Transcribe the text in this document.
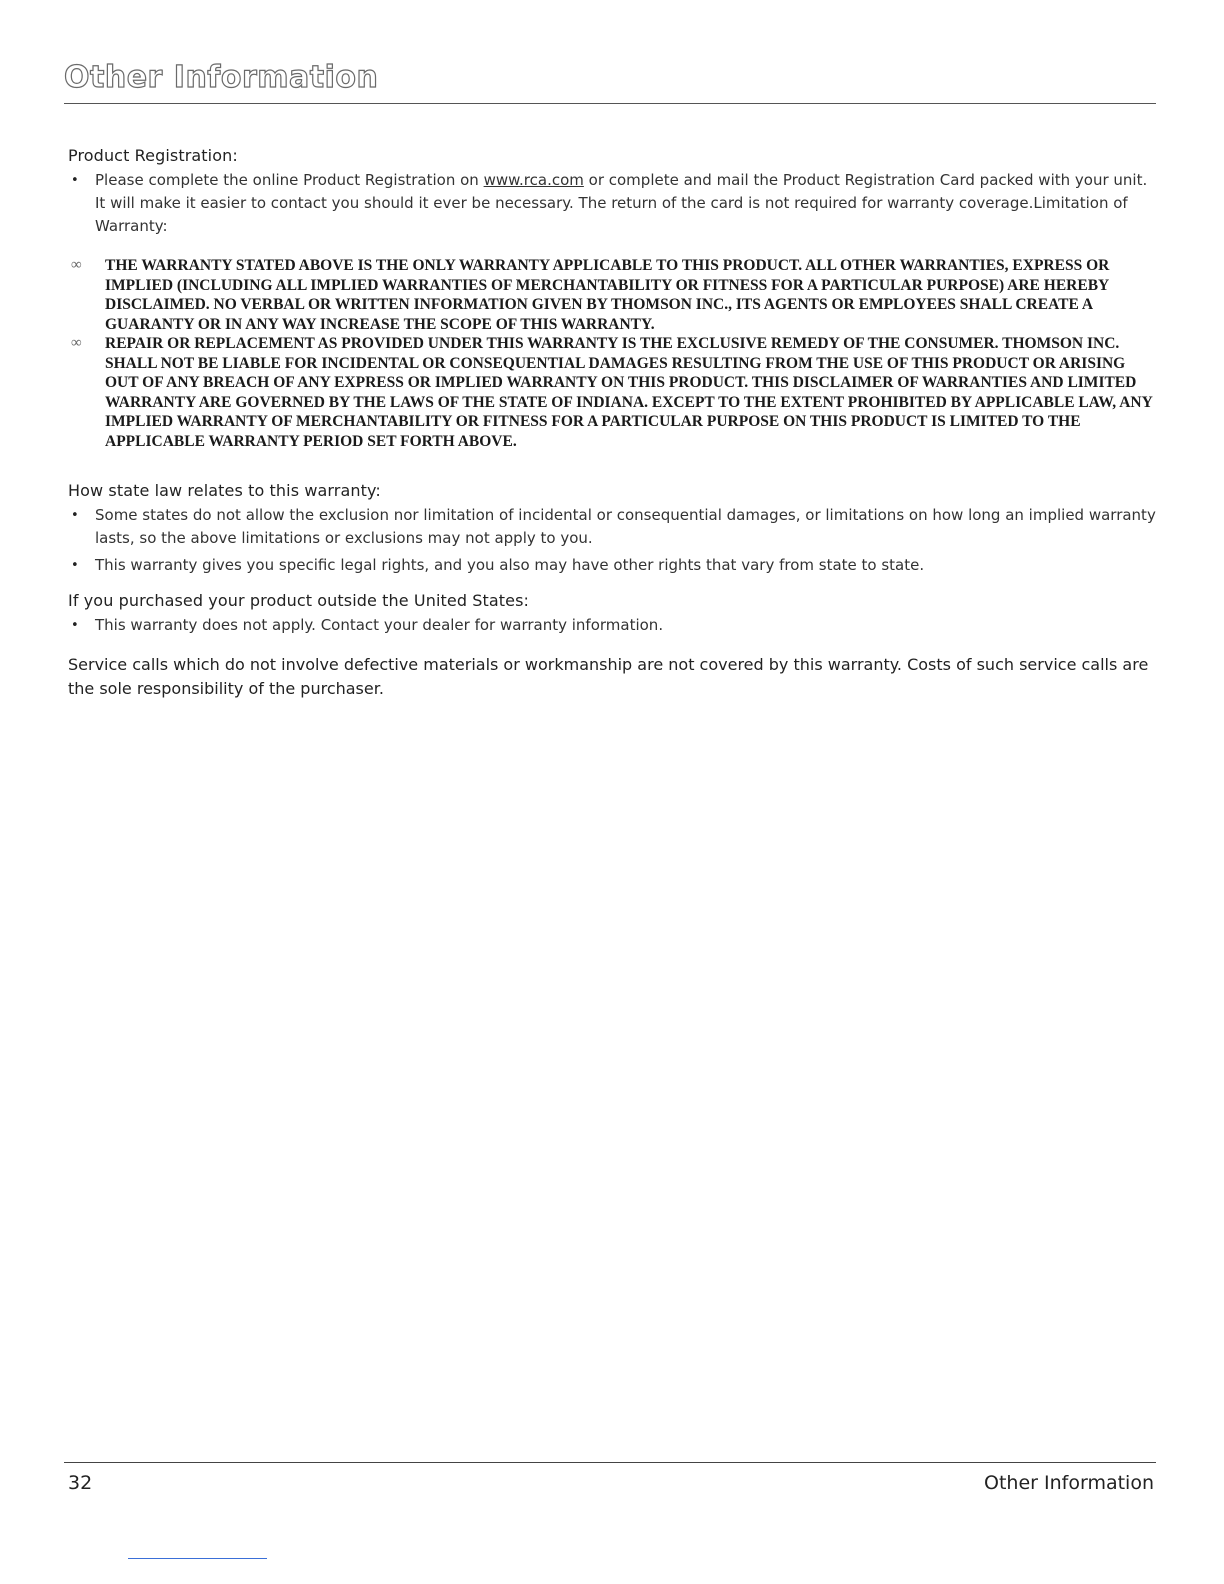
Other Information
Product Registration:
• Please complete the online Product Registration on www.rca.com or complete and mail the Product Registration Card packed with your unit. It will make it easier to contact you should it ever be necessary. The return of the card is not required for warranty coverage.Limitation of Warranty:
∞ THE WARRANTY STATED ABOVE IS THE ONLY WARRANTY APPLICABLE TO THIS PRODUCT. ALL OTHER WARRANTIES, EXPRESS OR IMPLIED (INCLUDING ALL IMPLIED WARRANTIES OF MERCHANTABILITY OR FITNESS FOR A PARTICULAR PURPOSE) ARE HEREBY DISCLAIMED. NO VERBAL OR WRITTEN INFORMATION GIVEN BY THOMSON INC., ITS AGENTS OR EMPLOYEES SHALL CREATE A GUARANTY OR IN ANY WAY INCREASE THE SCOPE OF THIS WARRANTY.
∞ REPAIR OR REPLACEMENT AS PROVIDED UNDER THIS WARRANTY IS THE EXCLUSIVE REMEDY OF THE CONSUMER. THOMSON INC. SHALL NOT BE LIABLE FOR INCIDENTAL OR CONSEQUENTIAL DAMAGES RESULTING FROM THE USE OF THIS PRODUCT OR ARISING OUT OF ANY BREACH OF ANY EXPRESS OR IMPLIED WARRANTY ON THIS PRODUCT. THIS DISCLAIMER OF WARRANTIES AND LIMITED WARRANTY ARE GOVERNED BY THE LAWS OF THE STATE OF INDIANA. EXCEPT TO THE EXTENT PROHIBITED BY APPLICABLE LAW, ANY IMPLIED WARRANTY OF MERCHANTABILITY OR FITNESS FOR A PARTICULAR PURPOSE ON THIS PRODUCT IS LIMITED TO THE APPLICABLE WARRANTY PERIOD SET FORTH ABOVE.
How state law relates to this warranty:
• Some states do not allow the exclusion nor limitation of incidental or consequential damages, or limitations on how long an implied warranty lasts, so the above limitations or exclusions may not apply to you.
• This warranty gives you specific legal rights, and you also may have other rights that vary from state to state.
If you purchased your product outside the United States:
• This warranty does not apply. Contact your dealer for warranty information.

Service calls which do not involve defective materials or workmanship are not covered by this warranty. Costs of such service calls are the sole responsibility of the purchaser.

32	Other Information
